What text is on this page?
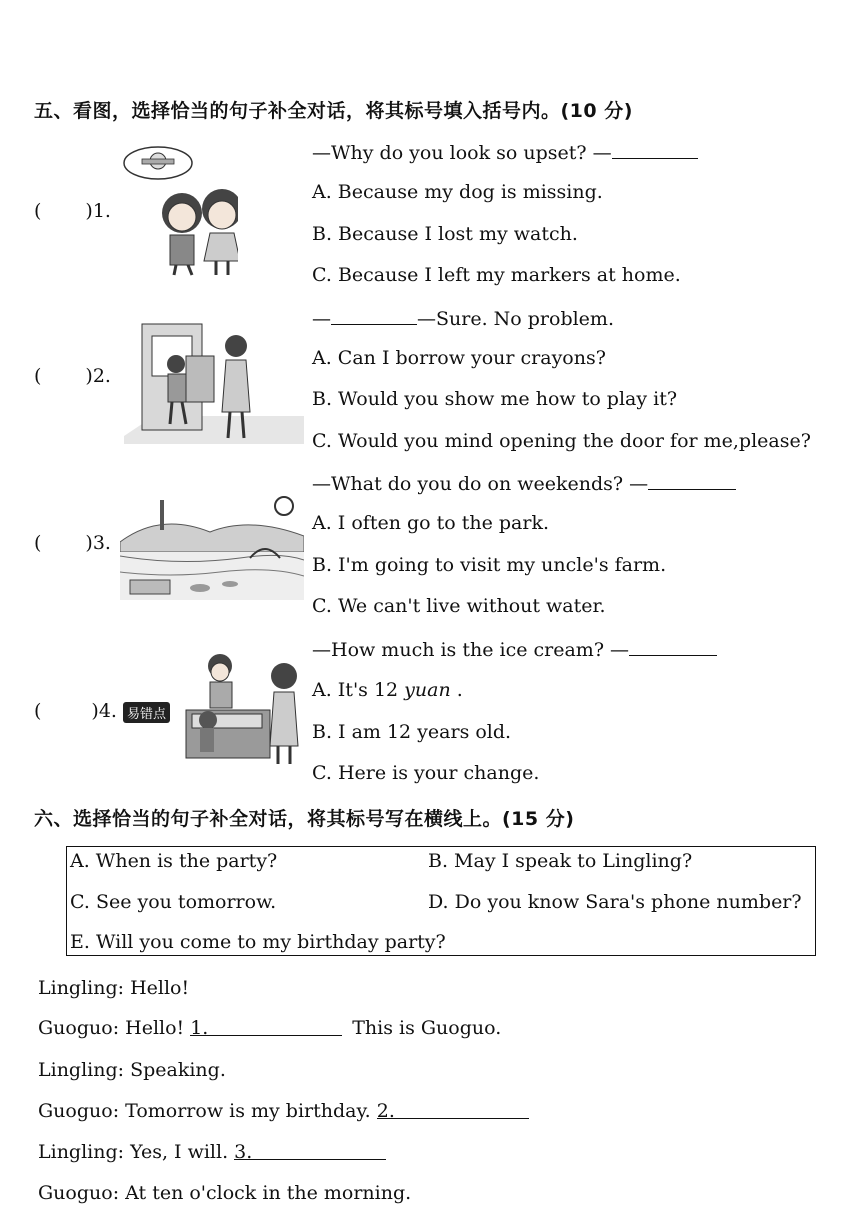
五、看图，选择恰当的句子补全对话，将其标号填入括号内。(10 分)
( )1.
—Why do you look so upset? —
A. Because my dog is missing.
B. Because I lost my watch.
C. Because I left my markers at home.
( )2.
—	—Sure. No problem.
A. Can I borrow your crayons?
B. Would you show me how to play it?
C. Would you mind opening the door for me,please?
( )3.
—What do you do on weekends? —
A. I often go to the park.
B. I'm going to visit my uncle's farm.
C. We can't live without water.
(	)4. 易错点
—How much is the ice cream? —
A. It's 12 yuan .
B. I am 12 years old.
C. Here is your change.
六、选择恰当的句子补全对话，将其标号写在横线上。(15 分)
A. When is the party?	B. May I speak to Lingling?
C. See you tomorrow.	D. Do you know Sara's phone number?
E. Will you come to my birthday party?
Lingling: Hello!
Guoguo: Hello! 1.	This is Guoguo.
Lingling: Speaking.
Guoguo: Tomorrow is my birthday. 2.
Lingling: Yes, I will. 3.
Guoguo: At ten o'clock in the morning.
